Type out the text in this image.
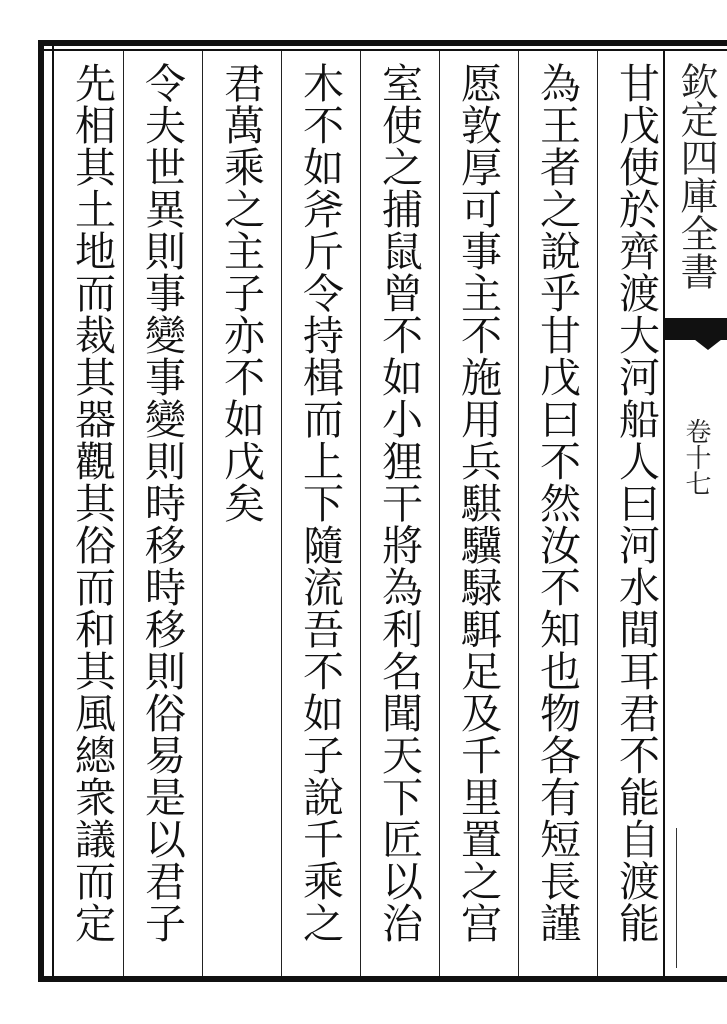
甘戊使於齊渡大河船人曰河水間耳君不能自渡能
為王者之說乎甘戊曰不然汝不知也物各有短長謹
愿敦厚可事主不施用兵騏驥騄駬足及千里置之宫
室使之捕鼠曾不如小狸干將為利名聞天下匠以治
木不如斧斤令持楫而上下隨流吾不如子說千乘之
君萬乘之主子亦不如戊矣
令夫世異則事變事變則時移時移則俗易是以君子
先相其土地而裁其器觀其俗而和其風總衆議而定	欽定四庫全書
卷十七
